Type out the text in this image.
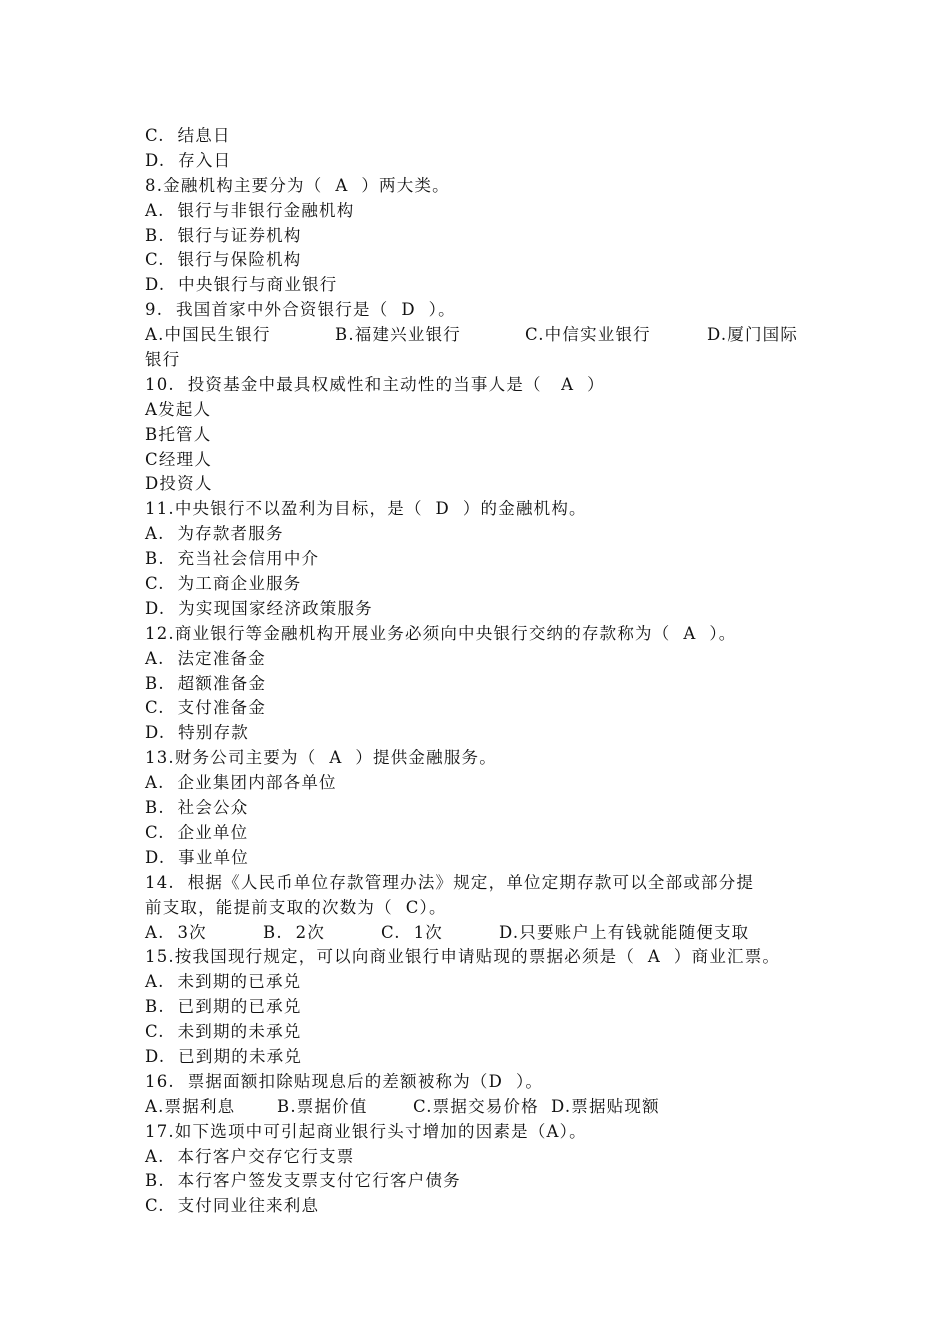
C.  结息日
D.  存入日
8.金融机构主要分为（  A  ）两大类。
A.  银行与非银行金融机构
B.  银行与证券机构
C.  银行与保险机构
D.  中央银行与商业银行
9.  我国首家中外合资银行是（  D  ）。
A.中国民生银行	B.福建兴业银行	C.中信实业银行	D.厦门国际
银行
10.  投资基金中最具权威性和主动性的当事人是（   A  ）
A发起人
B托管人
C经理人
D投资人
11.中央银行不以盈利为目标，是（  D  ）的金融机构。
A.  为存款者服务
B.  充当社会信用中介
C.  为工商企业服务
D.  为实现国家经济政策服务
12.商业银行等金融机构开展业务必须向中央银行交纳的存款称为（  A  ）。
A.  法定准备金
B.  超额准备金
C.  支付准备金
D.  特别存款
13.财务公司主要为（  A  ）提供金融服务。
A.  企业集团内部各单位
B.  社会公众
C.  企业单位
D.  事业单位
14.  根据《人民币单位存款管理办法》规定，单位定期存款可以全部或部分提
前支取，能提前支取的次数为（  C）。
A.  3次	B.  2次	C.  1次	D.只要账户上有钱就能随便支取
15.按我国现行规定，可以向商业银行申请贴现的票据必须是（  A  ）商业汇票。
A.  未到期的已承兑
B.  已到期的已承兑
C.  未到期的未承兑
D.  已到期的未承兑
16.  票据面额扣除贴现息后的差额被称为（D  ）。
A.票据利息	B.票据价值	C.票据交易价格 D.票据贴现额
17.如下选项中可引起商业银行头寸增加的因素是（A）。
A.  本行客户交存它行支票
B.  本行客户签发支票支付它行客户债务
C.  支付同业往来利息
